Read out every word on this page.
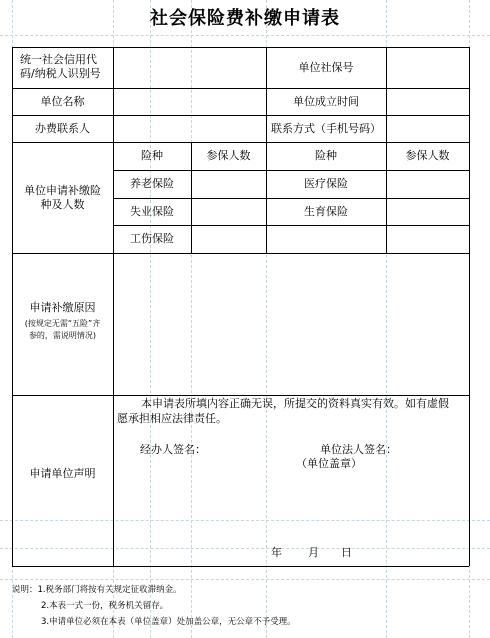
社会保险费补缴申请表
统一社会信用代
码/纳税人识别号	单位社保号
单位名称	单位成立时间
办费联系人	联系方式（手机号码）
单位申请补缴险
种及人数
险种	参保人数	险种	参保人数
养老保险	医疗保险
失业保险	生育保险
工伤保险
申请补缴原因
(按规定无需“五险”齐
参的，需说明情况)
申请单位声明
本申请表所填内容正确无误，所提交的资料真实有效。如有虚假
愿承担相应法律责任。
经办人签名：	单位法人签名：
（单位盖章）
年 月 日
说明：1.税务部门将按有关规定征收滞纳金。
2.本表一式一份，税务机关留存。
3.申请单位必须在本表（单位盖章）处加盖公章，无公章不予受理。
